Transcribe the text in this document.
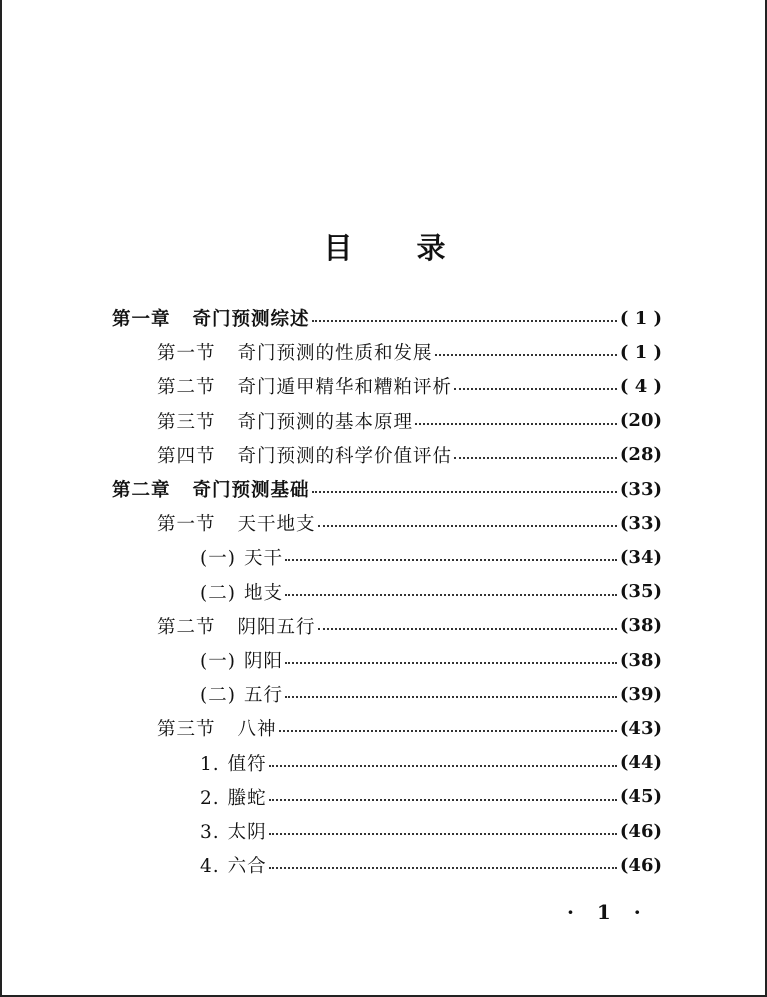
目 录
第一章 奇门预测综述	( 1 )
第一节 奇门预测的性质和发展	( 1 )
第二节 奇门遁甲精华和糟粕评析	( 4 )
第三节 奇门预测的基本原理	(20)
第四节 奇门预测的科学价值评估	(28)
第二章 奇门预测基础	(33)
第一节 天干地支	(33)
(一) 天干	(34)
(二) 地支	(35)
第二节 阴阳五行	(38)
(一) 阴阳	(38)
(二) 五行	(39)
第三节 八神	(43)
1. 值符	(44)
2. 螣蛇	(45)
3. 太阴	(46)
4. 六合	(46)
· 1 ·
